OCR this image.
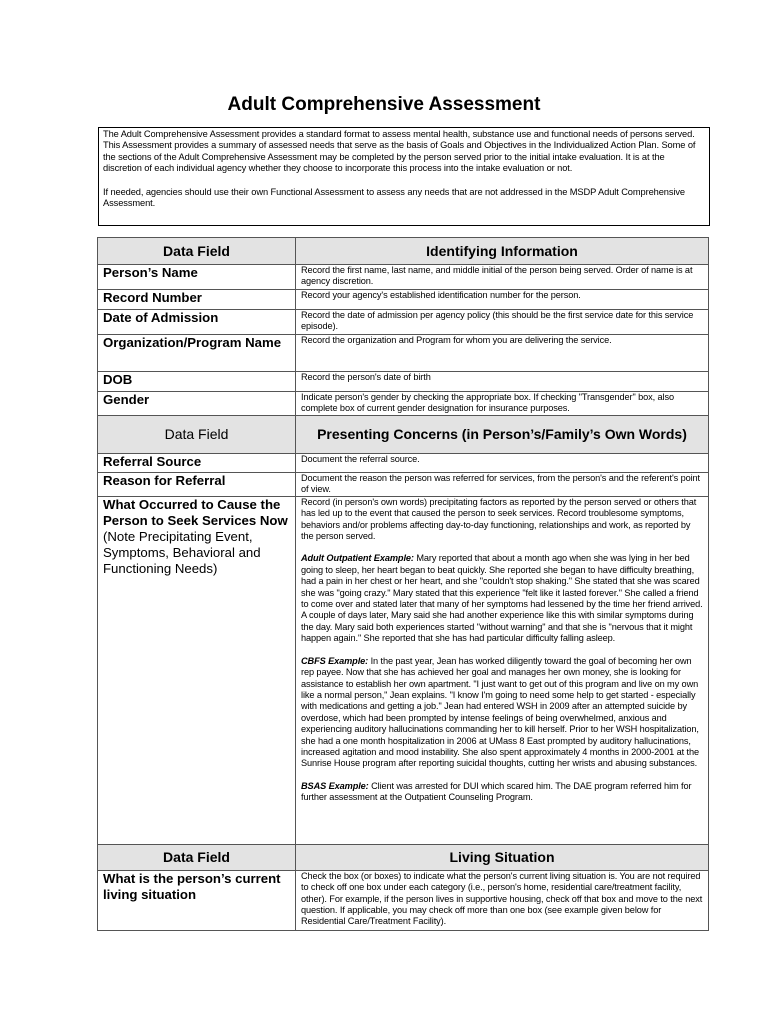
Adult Comprehensive Assessment

The Adult Comprehensive Assessment provides a standard format to assess mental health, substance use and functional needs of persons served. This Assessment provides a summary of assessed needs that serve as the basis of Goals and Objectives in the Individualized Action Plan. Some of the sections of the Adult Comprehensive Assessment may be completed by the person served prior to the initial intake evaluation. It is at the discretion of each individual agency whether they choose to incorporate this process into the intake evaluation or not.

If needed, agencies should use their own Functional Assessment to assess any needs that are not addressed in the MSDP Adult Comprehensive Assessment.

Data Field	Identifying Information
Person’s Name	Record the first name, last name, and middle initial of the person being served. Order of name is at agency discretion.
Record Number	Record your agency's established identification number for the person.
Date of Admission	Record the date of admission per agency policy (this should be the first service date for this service episode).
Organization/Program Name	Record the organization and Program for whom you are delivering the service.
DOB	Record the person's date of birth
Gender	Indicate person's gender by checking the appropriate box. If checking "Transgender" box, also complete box of current gender designation for insurance purposes.
Data Field	Presenting Concerns (in Person’s/Family’s Own Words)
Referral Source	Document the referral source.
Reason for Referral	Document the reason the person was referred for services, from the person's and the referent's point of view.
What Occurred to Cause the Person to Seek Services Now (Note Precipitating Event, Symptoms, Behavioral and Functioning Needs)	Record (in person's own words) precipitating factors as reported by the person served or others that has led up to the event that caused the person to seek services. Record troublesome symptoms, behaviors and/or problems affecting day-to-day functioning, relationships and work, as reported by the person served.

Adult Outpatient Example: Mary reported that about a month ago when she was lying in her bed going to sleep, her heart began to beat quickly. She reported she began to have difficulty breathing, had a pain in her chest or her heart, and she "couldn't stop shaking." She stated that she was scared she was "going crazy." Mary stated that this experience "felt like it lasted forever." She called a friend to come over and stated later that many of her symptoms had lessened by the time her friend arrived. A couple of days later, Mary said she had another experience like this with similar symptoms during the day. Mary said both experiences started "without warning" and that she is "nervous that it might happen again." She reported that she has had particular difficulty falling asleep.

CBFS Example: In the past year, Jean has worked diligently toward the goal of becoming her own rep payee. Now that she has achieved her goal and manages her own money, she is looking for assistance to establish her own apartment. "I just want to get out of this program and live on my own like a normal person," Jean explains. "I know I'm going to need some help to get started - especially with medications and getting a job." Jean had entered WSH in 2009 after an attempted suicide by overdose, which had been prompted by intense feelings of being overwhelmed, anxious and experiencing auditory hallucinations commanding her to kill herself. Prior to her WSH hospitalization, she had a one month hospitalization in 2006 at UMass 8 East prompted by auditory hallucinations, increased agitation and mood instability. She also spent approximately 4 months in 2000-2001 at the Sunrise House program after reporting suicidal thoughts, cutting her wrists and abusing substances.

BSAS Example: Client was arrested for DUI which scared him. The DAE program referred him for further assessment at the Outpatient Counseling Program.

Data Field	Living Situation
What is the person’s current living situation	Check the box (or boxes) to indicate what the person's current living situation is. You are not required to check off one box under each category (i.e., person's home, residential care/treatment facility, other). For example, if the person lives in supportive housing, check off that box and move to the next question. If applicable, you may check off more than one box (see example given below for Residential Care/Treatment Facility).
